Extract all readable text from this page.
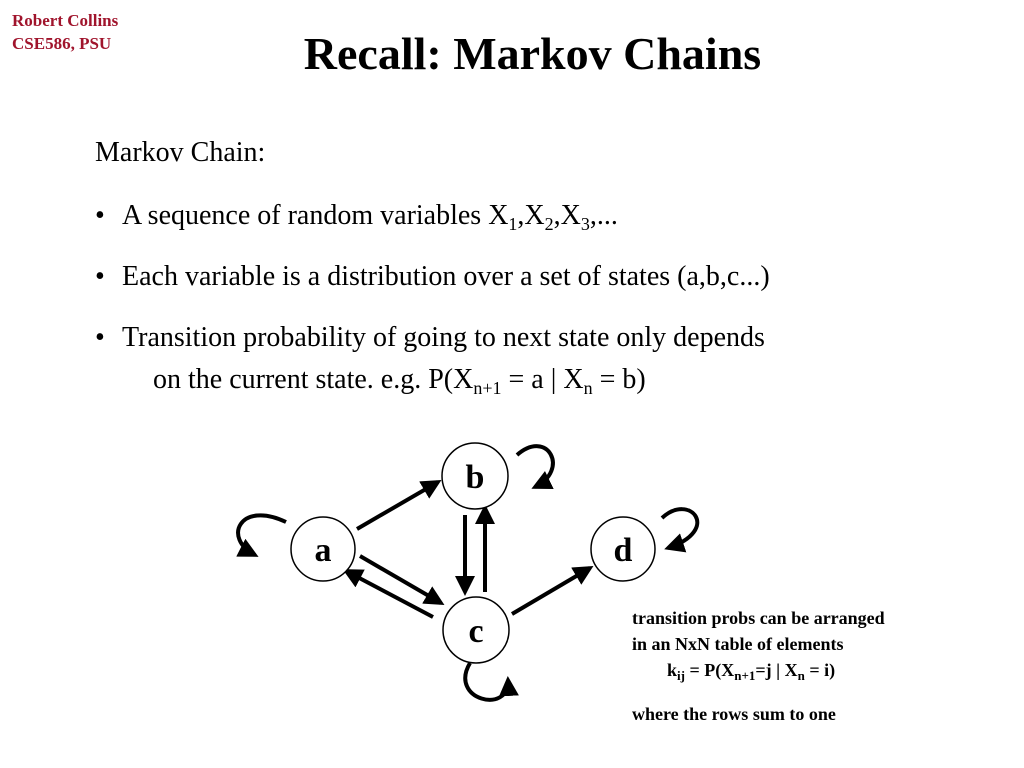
Robert Collins
CSE586, PSU	Recall: Markov Chains
Markov Chain:
• A sequence of random variables $X_1,X_2,X_3$,...
• Each variable is a distribution over a set of states (a,b,c...)
• Transition probability of going to next state only depends
on the current state. e.g. $P(X_{n+1} = a$ | $X_n = b$)
a
b
c
d
transition probs can be arranged
in an NxN table of elements
$k_{ij} = P(X_{n+1}=j$ | $X_n = i$)
where the rows sum to one
